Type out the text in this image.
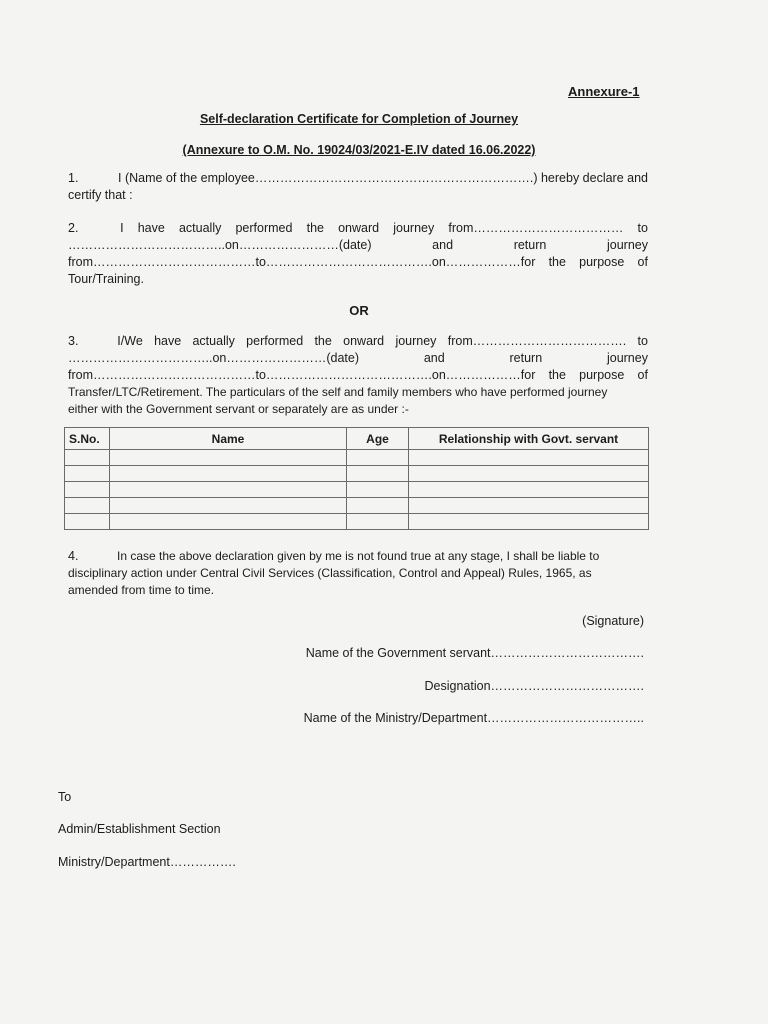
Annexure-1
Self-declaration Certificate for Completion of Journey
(Annexure to O.M. No. 19024/03/2021-E.IV dated 16.06.2022)
1.	I (Name of the employee………………………………………………………….) hereby declare and
certify that :
2.	I have actually performed the onward journey from……………………………… to
………………………………..on……………………(date)	and	return	journey
from…………………………………to………………………………….on………………for the purpose of
Tour/Training.
OR
3.	I/We have actually performed the onward journey from………………………………. to
……………………………..on……………………(date)	and	return	journey
from…………………………………to………………………………….on………………for the purpose of
Transfer/LTC/Retirement. The particulars of the self and family members who have performed journey
either with the Government servant or separately are as under :-
S.No.	Name	Age	Relationship with Govt. servant

4.	In case the above declaration given by me is not found true at any stage, I shall be liable to
disciplinary action under Central Civil Services (Classification, Control and Appeal) Rules, 1965, as
amended from time to time.
(Signature)
Name of the Government servant……………………………….
Designation……………………………….
Name of the Ministry/Department………………………………..
To
Admin/Establishment Section
Ministry/Department…………….
